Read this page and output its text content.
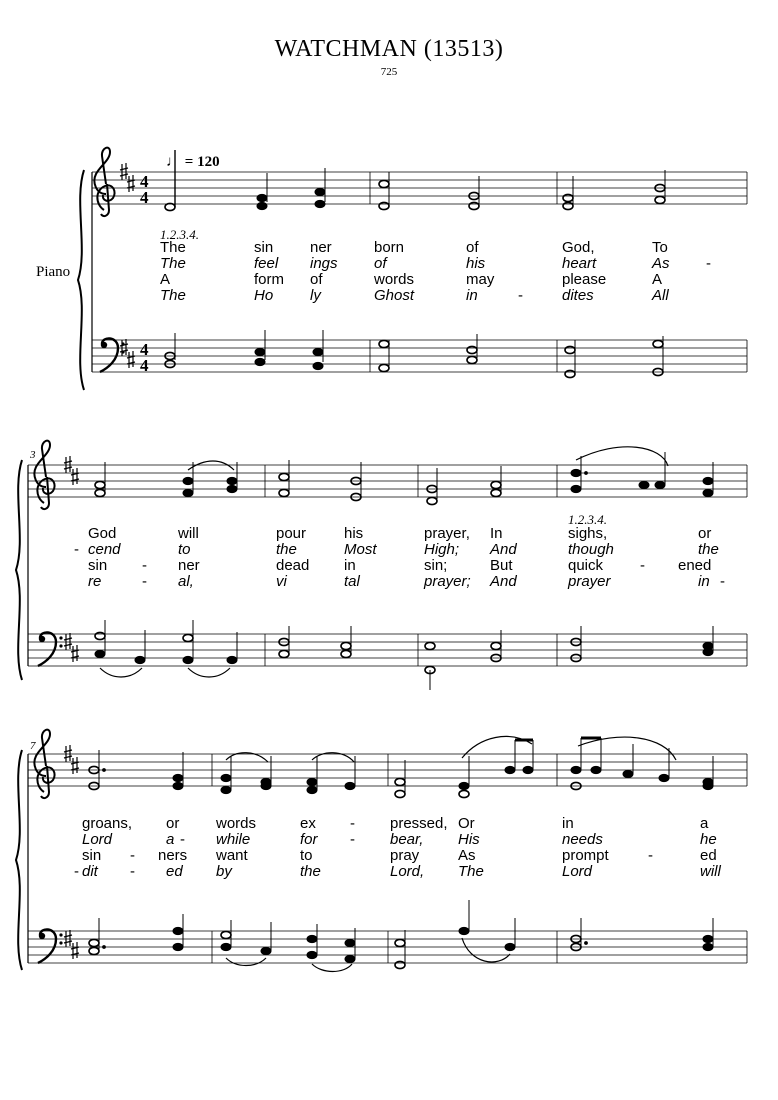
WATCHMAN (13513)
725
♩ = 120
Piano
1.2.3.4.
1.2.3.4.
3
7
4
4
4
4
The	sin ner	born	of	God,	To
The	feel ings of	his	heart	As -
A	form of	words	may	please	A
The	Ho ly	Ghost	in	-	dites	All
God	will	pour	his	prayer, In	sighs,	or
- cend	to	the	Most	High; And	though	the
sin - ner	dead in	sin;	But	quick - ened
re	- al,	vi	tal	prayer; And	prayer	in -
groans, or words	ex - pressed, Or	in	a
Lord	a - while	for - bear, His	needs	he
sin - ners want	to	pray	As	prompt	-	ed
- dit - ed by	the	Lord, The	Lord	will
